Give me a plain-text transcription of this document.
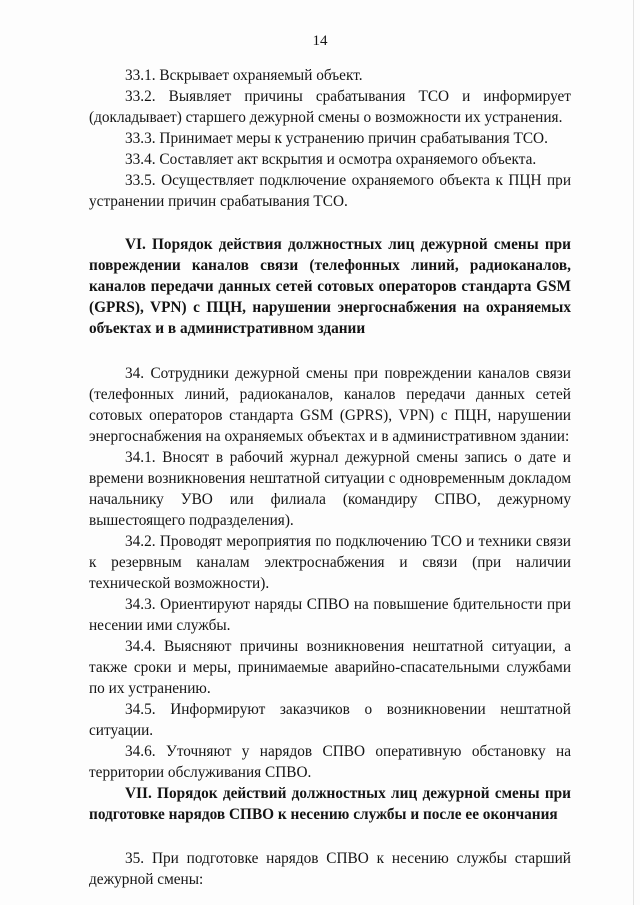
14

33.1. Вскрывает охраняемый объект.

33.2. Выявляет причины срабатывания ТСО и информирует (докладывает) старшего дежурной смены о возможности их устранения.

33.3. Принимает меры к устранению причин срабатывания ТСО.

33.4. Составляет акт вскрытия и осмотра охраняемого объекта.

33.5. Осуществляет подключение охраняемого объекта к ПЦН при устранении причин срабатывания ТСО.

VI. Порядок действия должностных лиц дежурной смены при повреждении каналов связи (телефонных линий, радиоканалов, каналов передачи данных сетей сотовых операторов стандарта GSM (GPRS), VPN) с ПЦН, нарушении энергоснабжения на охраняемых объектах и в административном здании

34. Сотрудники дежурной смены при повреждении каналов связи (телефонных линий, радиоканалов, каналов передачи данных сетей сотовых операторов стандарта GSM (GPRS), VPN) с ПЦН, нарушении энергоснабжения на охраняемых объектах и в административном здании:

34.1. Вносят в рабочий журнал дежурной смены запись о дате и времени возникновения нештатной ситуации с одновременным докладом начальнику УВО или филиала (командиру СПВО, дежурному вышестоящего подразделения).

34.2. Проводят мероприятия по подключению ТСО и техники связи к резервным каналам электроснабжения и связи (при наличии технической возможности).

34.3. Ориентируют наряды СПВО на повышение бдительности при несении ими службы.

34.4. Выясняют причины возникновения нештатной ситуации, а также сроки и меры, принимаемые аварийно-спасательными службами по их устранению.

34.5. Информируют заказчиков о возникновении нештатной ситуации.

34.6. Уточняют у нарядов СПВО оперативную обстановку на территории обслуживания СПВО.

VII. Порядок действий должностных лиц дежурной смены при подготовке нарядов СПВО к несению службы и после ее окончания

35. При подготовке нарядов СПВО к несению службы старший дежурной смены:
